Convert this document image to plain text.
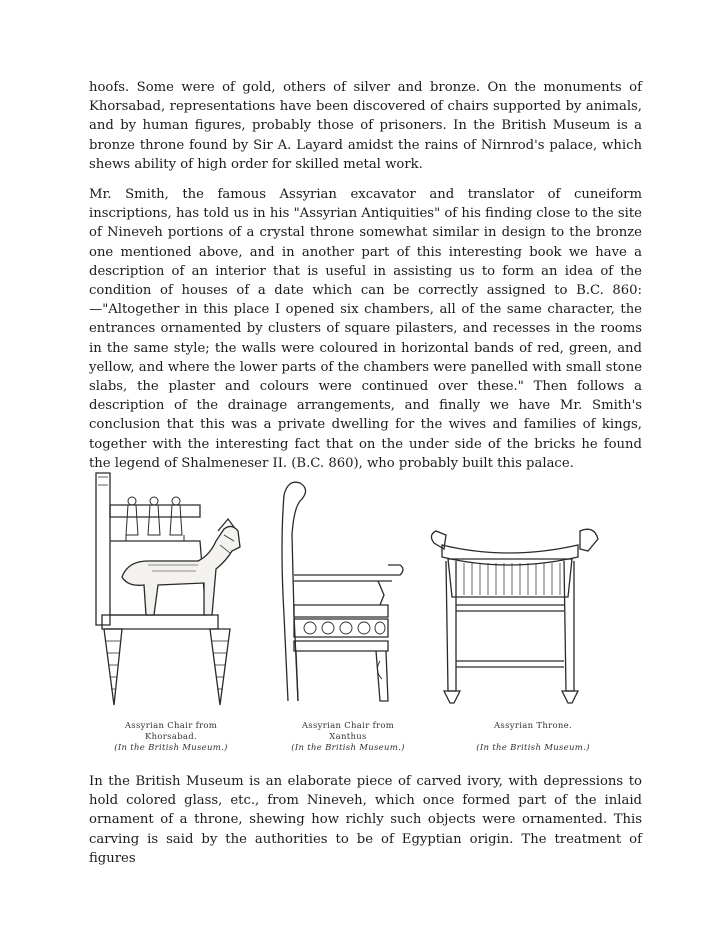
hoofs. Some were of gold, others of silver and bronze. On the monuments of Khorsabad, representations have been discovered of chairs supported by animals, and by human figures, probably those of prisoners. In the British Museum is a bronze throne found by Sir A. Layard amidst the rains of Nirnrod's palace, which shews ability of high order for skilled metal work.

Mr. Smith, the famous Assyrian excavator and translator of cuneiform inscriptions, has told us in his "Assyrian Antiquities" of his finding close to the site of Nineveh portions of a crystal throne somewhat similar in design to the bronze one mentioned above, and in another part of this interesting book we have a description of an interior that is useful in assisting us to form an idea of the condition of houses of a date which can be correctly assigned to B.C. 860:—"Altogether in this place I opened six chambers, all of the same character, the entrances ornamented by clusters of square pilasters, and recesses in the rooms in the same style; the walls were coloured in horizontal bands of red, green, and yellow, and where the lower parts of the chambers were panelled with small stone slabs, the plaster and colours were continued over these." Then follows a description of the drainage arrangements, and finally we have Mr. Smith's conclusion that this was a private dwelling for the wives and families of kings, together with the interesting fact that on the under side of the bricks he found the legend of Shalmeneser II. (B.C. 860), who probably built this palace.

Assyrian Chair from
Khorsabad.
(In the British Museum.)
Assyrian Chair from
Xanthus
(In the British Museum.)
Assyrian Throne.
(In the British Museum.)

In the British Museum is an elaborate piece of carved ivory, with depressions to hold colored glass, etc., from Nineveh, which once formed part of the inlaid ornament of a throne, shewing how richly such objects were ornamented. This carving is said by the authorities to be of Egyptian origin. The treatment of figures
